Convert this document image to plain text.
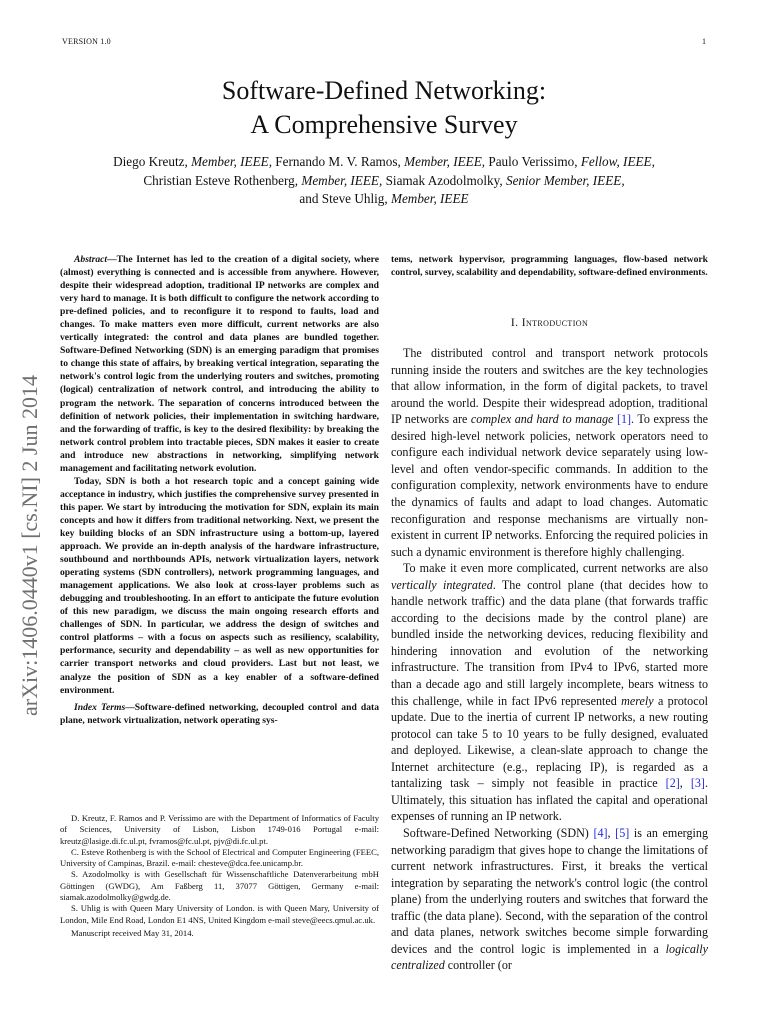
VERSION 1.0	1
arXiv:1406.0440v1 [cs.NI] 2 Jun 2014
Software-Defined Networking:
A Comprehensive Survey
Diego Kreutz, Member, IEEE, Fernando M. V. Ramos, Member, IEEE, Paulo Verissimo, Fellow, IEEE,
Christian Esteve Rothenberg, Member, IEEE, Siamak Azodolmolky, Senior Member, IEEE,
and Steve Uhlig, Member, IEEE

Abstract—The Internet has led to the creation of a digital society, where (almost) everything is connected and is accessible from anywhere. However, despite their widespread adoption, traditional IP networks are complex and very hard to manage. It is both difficult to configure the network according to pre-defined policies, and to reconfigure it to respond to faults, load and changes. To make matters even more difficult, current networks are also vertically integrated: the control and data planes are bundled together. Software-Defined Networking (SDN) is an emerging paradigm that promises to change this state of affairs, by breaking vertical integration, separating the network's control logic from the underlying routers and switches, promoting (logical) centralization of network control, and introducing the ability to program the network. The separation of concerns introduced between the definition of network policies, their implementation in switching hardware, and the forwarding of traffic, is key to the desired flexibility: by breaking the network control problem into tractable pieces, SDN makes it easier to create and introduce new abstractions in networking, simplifying network management and facilitating network evolution.

Today, SDN is both a hot research topic and a concept gaining wide acceptance in industry, which justifies the comprehensive survey presented in this paper. We start by introducing the motivation for SDN, explain its main concepts and how it differs from traditional networking. Next, we present the key building blocks of an SDN infrastructure using a bottom-up, layered approach. We provide an in-depth analysis of the hardware infrastructure, southbound and northbounds APIs, network virtualization layers, network operating systems (SDN controllers), network programming languages, and management applications. We also look at cross-layer problems such as debugging and troubleshooting. In an effort to anticipate the future evolution of this new paradigm, we discuss the main ongoing research efforts and challenges of SDN. In particular, we address the design of switches and control platforms – with a focus on aspects such as resiliency, scalability, performance, security and dependability – as well as new opportunities for carrier transport networks and cloud providers. Last but not least, we analyze the position of SDN as a key enabler of a software-defined environment.

Index Terms—Software-defined networking, decoupled control and data plane, network virtualization, network operating sys-

D. Kreutz, F. Ramos and P. Veríssimo are with the Department of Informatics of Faculty of Sciences, University of Lisbon, Lisbon 1749-016 Portugal e-mail: kreutz@lasige.di.fc.ul.pt, fvramos@fc.ul.pt, pjv@di.fc.ul.pt.

C. Esteve Rothenberg is with the School of Electrical and Computer Engineering (FEEC, University of Campinas, Brazil. e-mail: chesteve@dca.fee.unicamp.br.

S. Azodolmolky is with Gesellschaft für Wissenschaftliche Datenverarbeitung mbH Göttingen (GWDG), Am Faßberg 11, 37077 Göttigen, Germany e-mail: siamak.azodolmolky@gwdg.de.

S. Uhlig is with Queen Mary University of London. is with Queen Mary, University of London, Mile End Road, London E1 4NS, United Kingdom e-mail steve@eecs.qmul.ac.uk.

Manuscript received May 31, 2014.

tems, network hypervisor, programming languages, flow-based network control, survey, scalability and dependability, software-defined environments.

I. Introduction

The distributed control and transport network protocols running inside the routers and switches are the key technologies that allow information, in the form of digital packets, to travel around the world. Despite their widespread adoption, traditional IP networks are complex and hard to manage [1]. To express the desired high-level network policies, network operators need to configure each individual network device separately using low-level and often vendor-specific commands. In addition to the configuration complexity, network environments have to endure the dynamics of faults and adapt to load changes. Automatic reconfiguration and response mechanisms are virtually non-existent in current IP networks. Enforcing the required policies in such a dynamic environment is therefore highly challenging.

To make it even more complicated, current networks are also vertically integrated. The control plane (that decides how to handle network traffic) and the data plane (that forwards traffic according to the decisions made by the control plane) are bundled inside the networking devices, reducing flexibility and hindering innovation and evolution of the networking infrastructure. The transition from IPv4 to IPv6, started more than a decade ago and still largely incomplete, bears witness to this challenge, while in fact IPv6 represented merely a protocol update. Due to the inertia of current IP networks, a new routing protocol can take 5 to 10 years to be fully designed, evaluated and deployed. Likewise, a clean-slate approach to change the Internet architecture (e.g., replacing IP), is regarded as a tantalizing task – simply not feasible in practice [2], [3]. Ultimately, this situation has inflated the capital and operational expenses of running an IP network.

Software-Defined Networking (SDN) [4], [5] is an emerging networking paradigm that gives hope to change the limitations of current network infrastructures. First, it breaks the vertical integration by separating the network's control logic (the control plane) from the underlying routers and switches that forward the traffic (the data plane). Second, with the separation of the control and data planes, network switches become simple forwarding devices and the control logic is implemented in a logically centralized controller (or
